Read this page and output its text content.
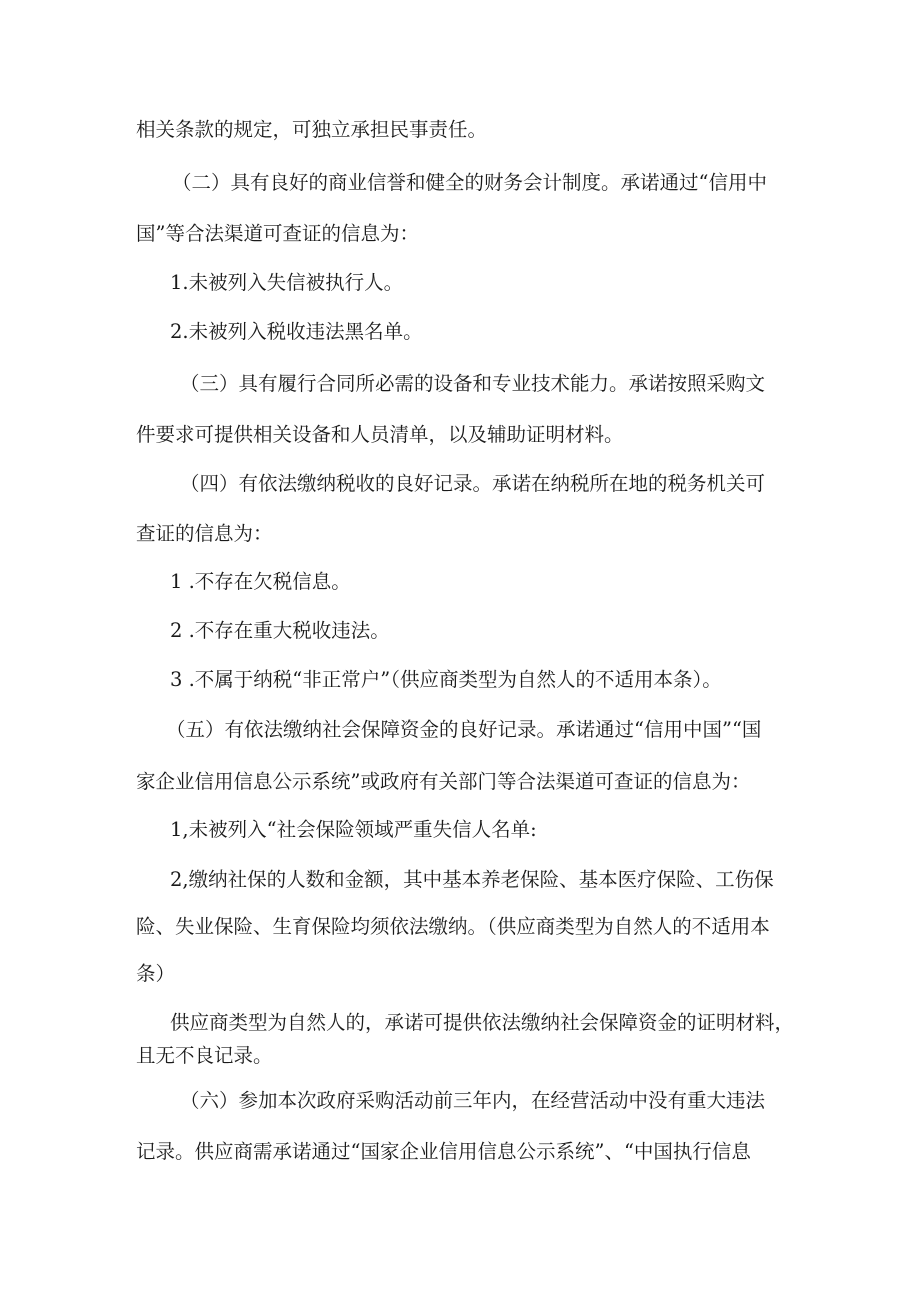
相关条款的规定，可独立承担民事责任。
（二）具有良好的商业信誉和健全的财务会计制度。承诺通过“信用中
国”等合法渠道可查证的信息为：
1.未被列入失信被执行人。
2.未被列入税收违法黑名单。
（三）具有履行合同所必需的设备和专业技术能力。承诺按照采购文
件要求可提供相关设备和人员清单，以及辅助证明材料。
（四）有依法缴纳税收的良好记录。承诺在纳税所在地的税务机关可
查证的信息为：
1 .不存在欠税信息。
2 .不存在重大税收违法。
3 .不属于纳税“非正常户”（供应商类型为自然人的不适用本条）。
（五）有依法缴纳社会保障资金的良好记录。承诺通过“信用中国”“国
家企业信用信息公示系统”或政府有关部门等合法渠道可查证的信息为：
1,未被列入“社会保险领域严重失信人名单:
2,缴纳社保的人数和金额，其中基本养老保险、基本医疗保险、工伤保
险、失业保险、生育保险均须依法缴纳。（供应商类型为自然人的不适用本
条）
供应商类型为自然人的，承诺可提供依法缴纳社会保障资金的证明材料，
且无不良记录。
（六）参加本次政府采购活动前三年内，在经营活动中没有重大违法
记录。供应商需承诺通过“国家企业信用信息公示系统”、“中国执行信息
